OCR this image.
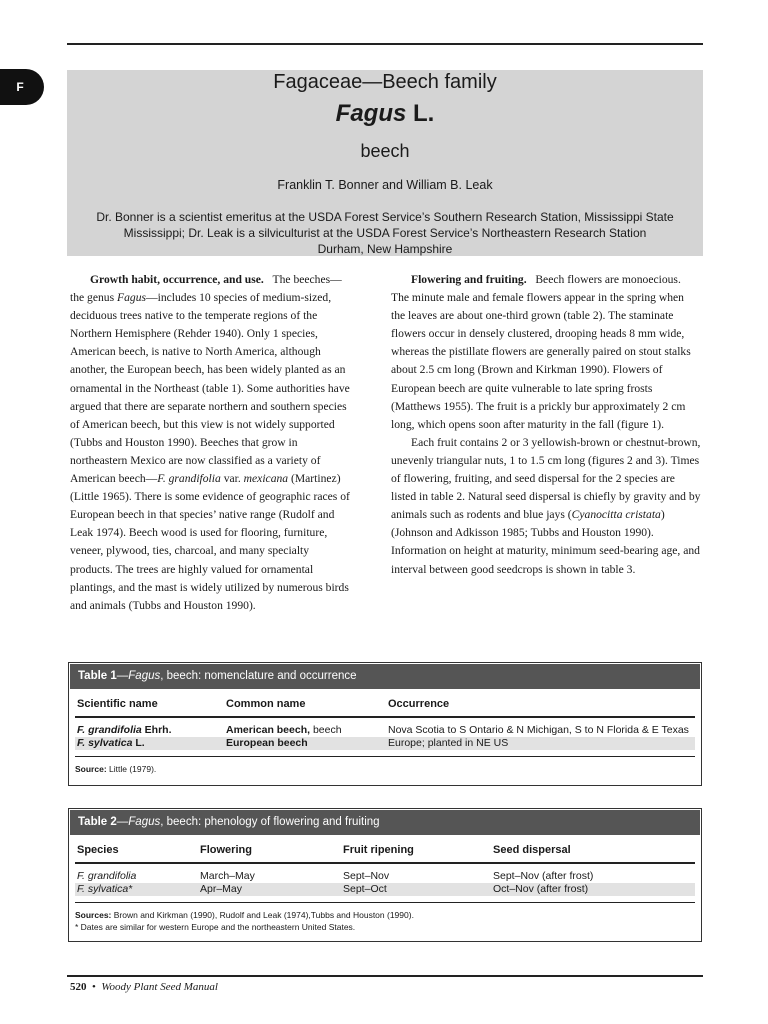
F	Fagaceae—Beech family
Fagus L.
beech
Franklin T. Bonner and William B. Leak
Dr. Bonner is a scientist emeritus at the USDA Forest Service’s Southern Research Station, Mississippi State
Mississippi; Dr. Leak is a silviculturist at the USDA Forest Service’s Northeastern Research Station
Durham, New Hampshire

Growth habit, occurrence, and use. The beeches—the genus Fagus—includes 10 species of medium-sized, deciduous trees native to the temperate regions of the Northern Hemisphere (Rehder 1940). Only 1 species, American beech, is native to North America, although another, the European beech, has been widely planted as an ornamental in the Northeast (table 1). Some authorities have argued that there are separate northern and southern species of American beech, but this view is not widely supported (Tubbs and Houston 1990). Beeches that grow in northeastern Mexico are now classified as a variety of American beech—F. grandifolia var. mexicana (Martinez) (Little 1965). There is some evidence of geographic races of European beech in that species’ native range (Rudolf and Leak 1974). Beech wood is used for flooring, furniture, veneer, plywood, ties, charcoal, and many specialty products. The trees are highly valued for ornamental plantings, and the mast is widely utilized by numerous birds and animals (Tubbs and Houston 1990).

Flowering and fruiting. Beech flowers are monoecious. The minute male and female flowers appear in the spring when the leaves are about one-third grown (table 2). The staminate flowers occur in densely clustered, drooping heads 8 mm wide, whereas the pistillate flowers are generally paired on stout stalks about 2.5 cm long (Brown and Kirkman 1990). Flowers of European beech are quite vulnerable to late spring frosts (Matthews 1955). The fruit is a prickly bur approximately 2 cm long, which opens soon after maturity in the fall (figure 1).

Each fruit contains 2 or 3 yellowish-brown or chestnut-brown, unevenly triangular nuts, 1 to 1.5 cm long (figures 2 and 3). Times of flowering, fruiting, and seed dispersal for the 2 species are listed in table 2. Natural seed dispersal is chiefly by gravity and by animals such as rodents and blue jays (Cyanocitta cristata) (Johnson and Adkisson 1985; Tubbs and Houston 1990). Information on height at maturity, minimum seed-bearing age, and interval between good seedcrops is shown in table 3.

Table 1—Fagus, beech: nomenclature and occurrence
Scientific name	Common name	Occurrence
F. grandifolia Ehrh.	American beech, beech	Nova Scotia to S Ontario & N Michigan, S to N Florida & E Texas
F. sylvatica L.	European beech	Europe; planted in NE US
Source: Little (1979).
Table 2—Fagus, beech: phenology of flowering and fruiting
Species	Flowering	Fruit ripening	Seed dispersal
F. grandifolia	March–May	Sept–Nov	Sept–Nov (after frost)
F. sylvatica*	Apr–May	Sept–Oct	Oct–Nov (after frost)
Sources: Brown and Kirkman (1990), Rudolf and Leak (1974),Tubbs and Houston (1990).
* Dates are similar for western Europe and the northeastern United States.
520 • Woody Plant Seed Manual
